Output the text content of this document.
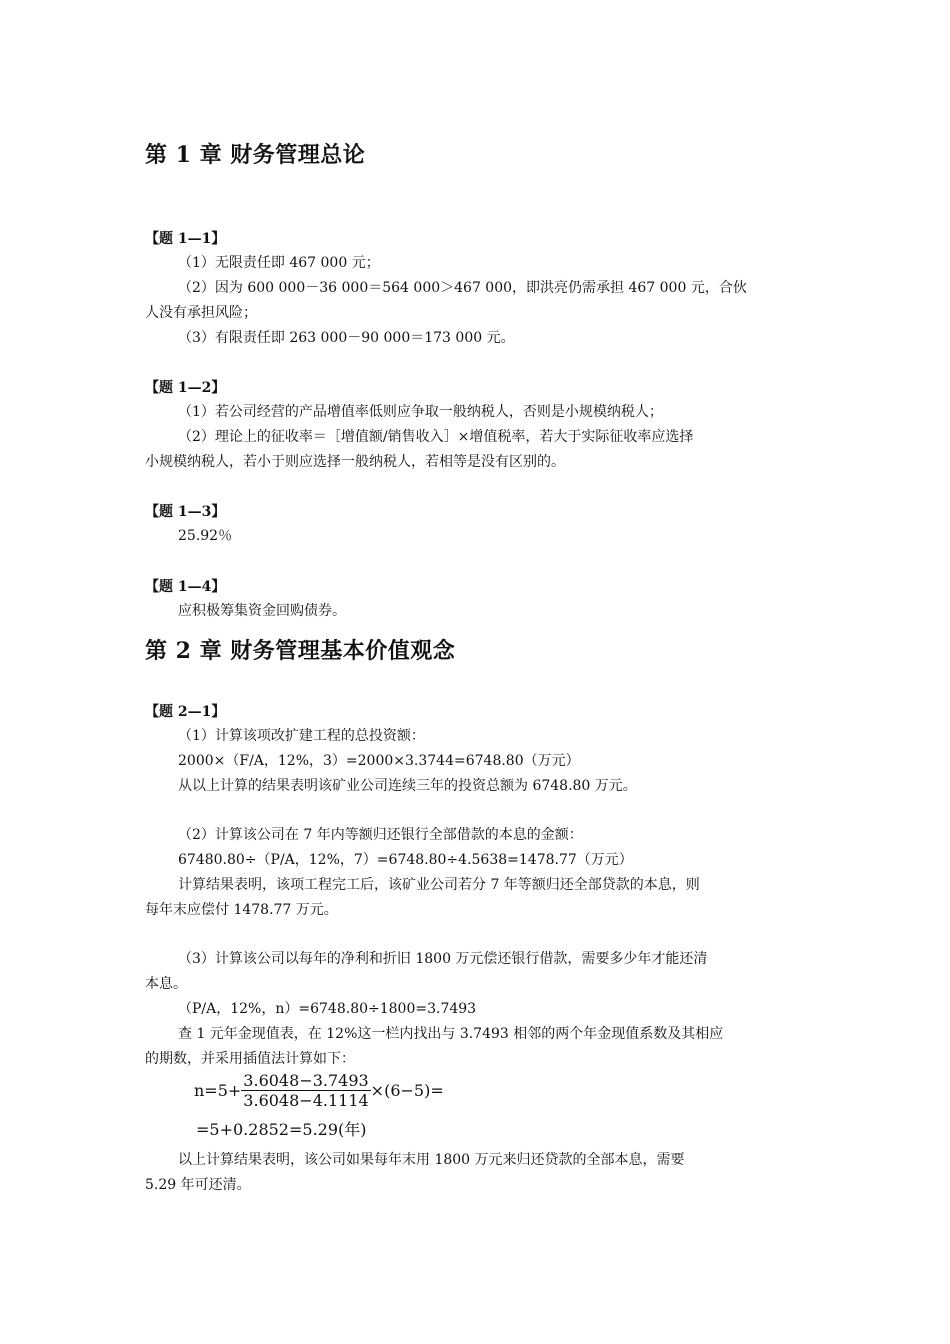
第 1 章 财务管理总论
【题 1—1】
（1）无限责任即 467 000 元；
（2）因为 600 000－36 000＝564 000＞467 000，即洪亮仍需承担 467 000 元，合伙
人没有承担风险；
（3）有限责任即 263 000－90 000＝173 000 元。
【题 1—2】
（1）若公司经营的产品增值率低则应争取一般纳税人，否则是小规模纳税人；
（2）理论上的征收率＝［增值额/销售收入］×增值税率，若大于实际征收率应选择
小规模纳税人，若小于则应选择一般纳税人，若相等是没有区别的。
【题 1—3】
25.92％
【题 1—4】
应积极筹集资金回购债券。
第 2 章 财务管理基本价值观念
【题 2—1】
（1）计算该项改扩建工程的总投资额：
2000×（F/A，12%，3）=2000×3.3744=6748.80（万元）
从以上计算的结果表明该矿业公司连续三年的投资总额为 6748.80 万元。
（2）计算该公司在 7 年内等额归还银行全部借款的本息的金额：
67480.80÷（P/A，12%，7）=6748.80÷4.5638=1478.77（万元）
计算结果表明，该项工程完工后，该矿业公司若分 7 年等额归还全部贷款的本息，则
每年末应偿付 1478.77 万元。
（3）计算该公司以每年的净利和折旧 1800 万元偿还银行借款，需要多少年才能还清
本息。
（P/A，12%，n）=6748.80÷1800=3.7493
查 1 元年金现值表，在 12%这一栏内找出与 3.7493 相邻的两个年金现值系数及其相应
的期数，并采用插值法计算如下：
$n=5+ \frac{3.6048-3.7493}{3.6048-4.1114} \times(6-5)=$
=5+0.2852=5.29(年)
以上计算结果表明，该公司如果每年末用 1800 万元来归还贷款的全部本息，需要
5.29 年可还清。
